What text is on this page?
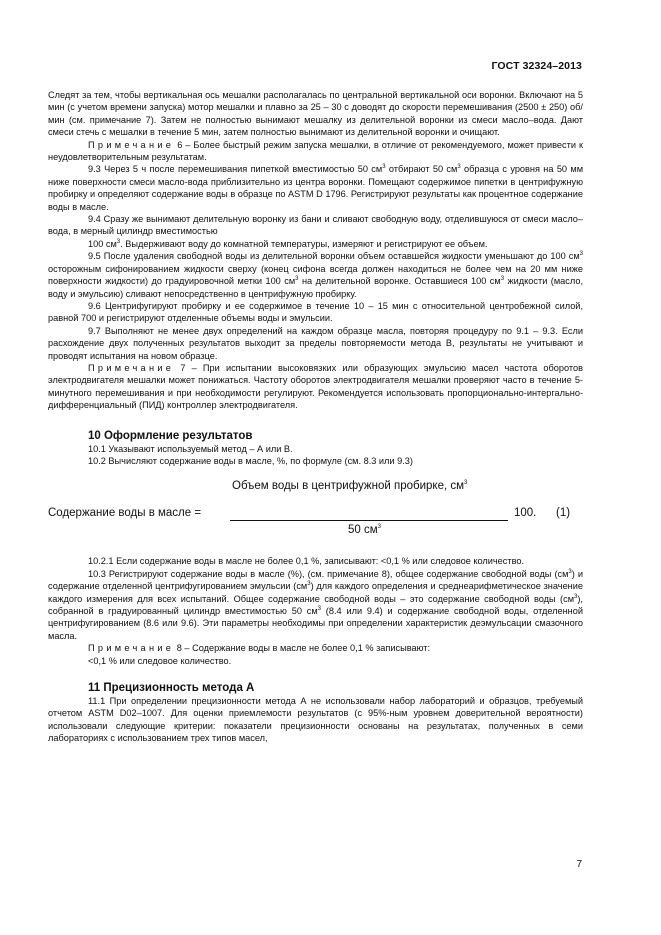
ГОСТ 32324–2013

Следят за тем, чтобы вертикальная ось мешалки располагалась по центральной вертикальной оси воронки. Включают на 5 мин (с учетом времени запуска) мотор мешалки и плавно за 25 – 30 с доводят до скорости перемешивания (2500 ± 250) об/мин (см. примечание 7). Затем не полностью вынимают мешалку из делительной воронки из смеси масло–вода. Дают смеси стечь с мешалки в течение 5 мин, затем полностью вынимают из делительной воронки и очищают.

Примечание 6 – Более быстрый режим запуска мешалки, в отличие от рекомендуемого, может привести к неудовлетворительным результатам.

9.3 Через 5 ч после перемешивания пипеткой вместимостью 50 $см^3$ отбирают 50 $см^3$ образца с уровня на 50 мм ниже поверхности смеси масло-вода приблизительно из центра воронки. Помещают содержимое пипетки в центрифужную пробирку и определяют содержание воды в образце по ASTM D 1796. Регистрируют результаты как процентное содержание воды в масле.

9.4 Сразу же вынимают делительную воронку из бани и сливают свободную воду, отделившуюся от смеси масло–вода, в мерный цилиндр вместимостью

100 $см^3$. Выдерживают воду до комнатной температуры, измеряют и регистрируют ее объем.

9.5 После удаления свободной воды из делительной воронки объем оставшейся жидкости уменьшают до 100 $см^3$ осторожным сифонированием жидкости сверху (конец сифона всегда должен находиться не более чем на 20 мм ниже поверхности жидкости) до градуировочной метки 100 $см^3$ на делительной воронке. Оставшиеся 100 $см^3$ жидкости (масло, воду и эмульсию) сливают непосредственно в центрифужную пробирку.

9.6 Центрифугируют пробирку и ее содержимое в течение 10 – 15 мин с относительной центробежной силой, равной 700 и регистрируют отделенные объемы воды и эмульсии.

9.7 Выполняют не менее двух определений на каждом образце масла, повторяя процедуру по 9.1 – 9.3. Если расхождение двух полученных результатов выходит за пределы повторяемости метода В, результаты не учитывают и проводят испытания на новом образце.

Примечание 7 – При испытании высоковязких или образующих эмульсию масел частота оборотов электродвигателя мешалки может понижаться. Частоту оборотов электродвигателя мешалки проверяют часто в течение 5-минутного перемешивания и при необходимости регулируют. Рекомендуется использовать пропорционально-интергально-дифференциальный (ПИД) контроллер электродвигателя.

10 Оформление результатов

10.1 Указывают используемый метод – А или В.

10.2 Вычисляют содержание воды в масле, %, по формуле (см. 8.3 или 9.3)

Объем воды в центрифужной пробирке, $см^3$
Содержание воды в масле =
50 $см^3$
100. (1)

10.2.1 Если содержание воды в масле не более 0,1 %, записывают: <0,1 % или следовое количество.

10.3 Регистрируют содержание воды в масле (%), (см. примечание 8), общее содержание свободной воды $(см^3)$ и содержание отделенной центрифугированием эмульсии $(см^3)$ для каждого определения и среднеарифметическое значение каждого измерения для всех испытаний. Общее содержание свободной воды – это содержание свободной воды $(см^3)$, собранной в градуированный цилиндр вместимостью 50 $см^3$ (8.4 или 9.4) и содержание свободной воды, отделенной центрифугированием (8.6 или 9.6). Эти параметры необходимы при определении характеристик деэмульсации смазочного масла.

Примечание 8 – Содержание воды в масле не более 0,1 % записывают:

<0,1 % или следовое количество.

11 Прецизионность метода А

11.1 При определении прецизионности метода А не использовали набор лабораторий и образцов, требуемый отчетом ASTM D02–1007. Для оценки приемлемости результатов (с 95%-ным уровнем доверительной вероятности) использовали следующие критерии: показатели прецизионности основаны на результатах, полученных в семи лабораториях с использованием трех типов масел,

7
